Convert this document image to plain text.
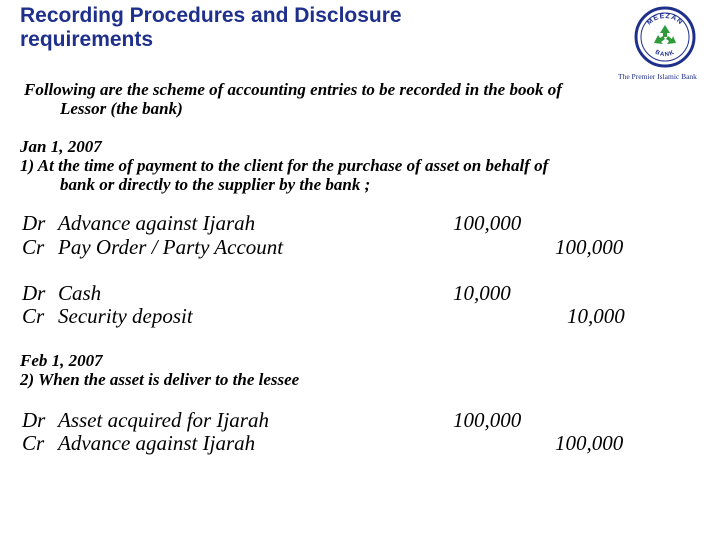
Recording Procedures and Disclosure
requirements
MEEZAN
BANK
The Premier Islamic Bank

Following are the scheme of accounting entries to be recorded in the book of
Lessor (the bank)

Jan 1, 2007

1) At the time of payment to the client for the purchase of asset on behalf of
bank or directly to the supplier by the bank ;

Dr Advance against Ijarah	100,000
Cr Pay Order / Party Account	100,000
Dr Cash	10,000
Cr Security deposit	10,000

Feb 1, 2007

2) When the asset is deliver to the lessee

Dr Asset acquired for Ijarah	100,000
Cr Advance against Ijarah	100,000
